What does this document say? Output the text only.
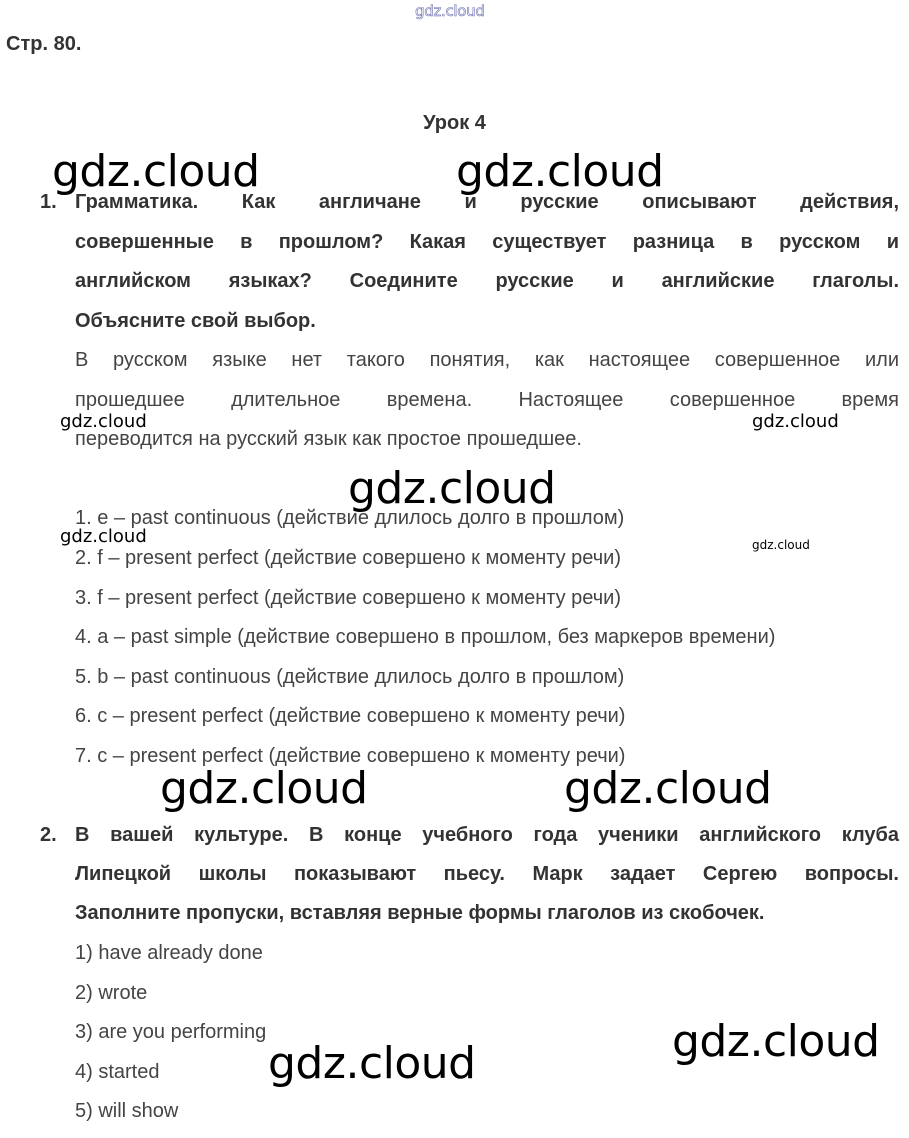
gdz.cloud
Стр. 80.
Урок 4
1. Грамматика. Как англичане и русские описывают действия,
совершенные в прошлом? Какая существует разница в русском и
английском языках? Соедините русские и английские глаголы.
Объясните свой выбор.
В русском языке нет такого понятия, как настоящее совершенное или
прошедшее длительное времена. Настоящее совершенное время
переводится на русский язык как простое прошедшее.
1. e – past continuous (действие длилось долго в прошлом)
2. f – present perfect (действие совершено к моменту речи)
3. f – present perfect (действие совершено к моменту речи)
4. a – past simple (действие совершено в прошлом, без маркеров времени)
5. b – past continuous (действие длилось долго в прошлом)
6. c – present perfect (действие совершено к моменту речи)
7. c – present perfect (действие совершено к моменту речи)
2. В вашей культуре. В конце учебного года ученики английского клуба
Липецкой школы показывают пьесу. Марк задает Сергею вопросы.
Заполните пропуски, вставляя верные формы глаголов из скобочек.
1) have already done
2) wrote
3) are you performing
4) started
5) will show
gdz.cloud	gdz.cloud
gdz.cloud	gdz.cloud
gdz.cloud
gdz.cloud	gdz.cloud
gdz.cloud	gdz.cloud
gdz.cloud
gdz.cloud
